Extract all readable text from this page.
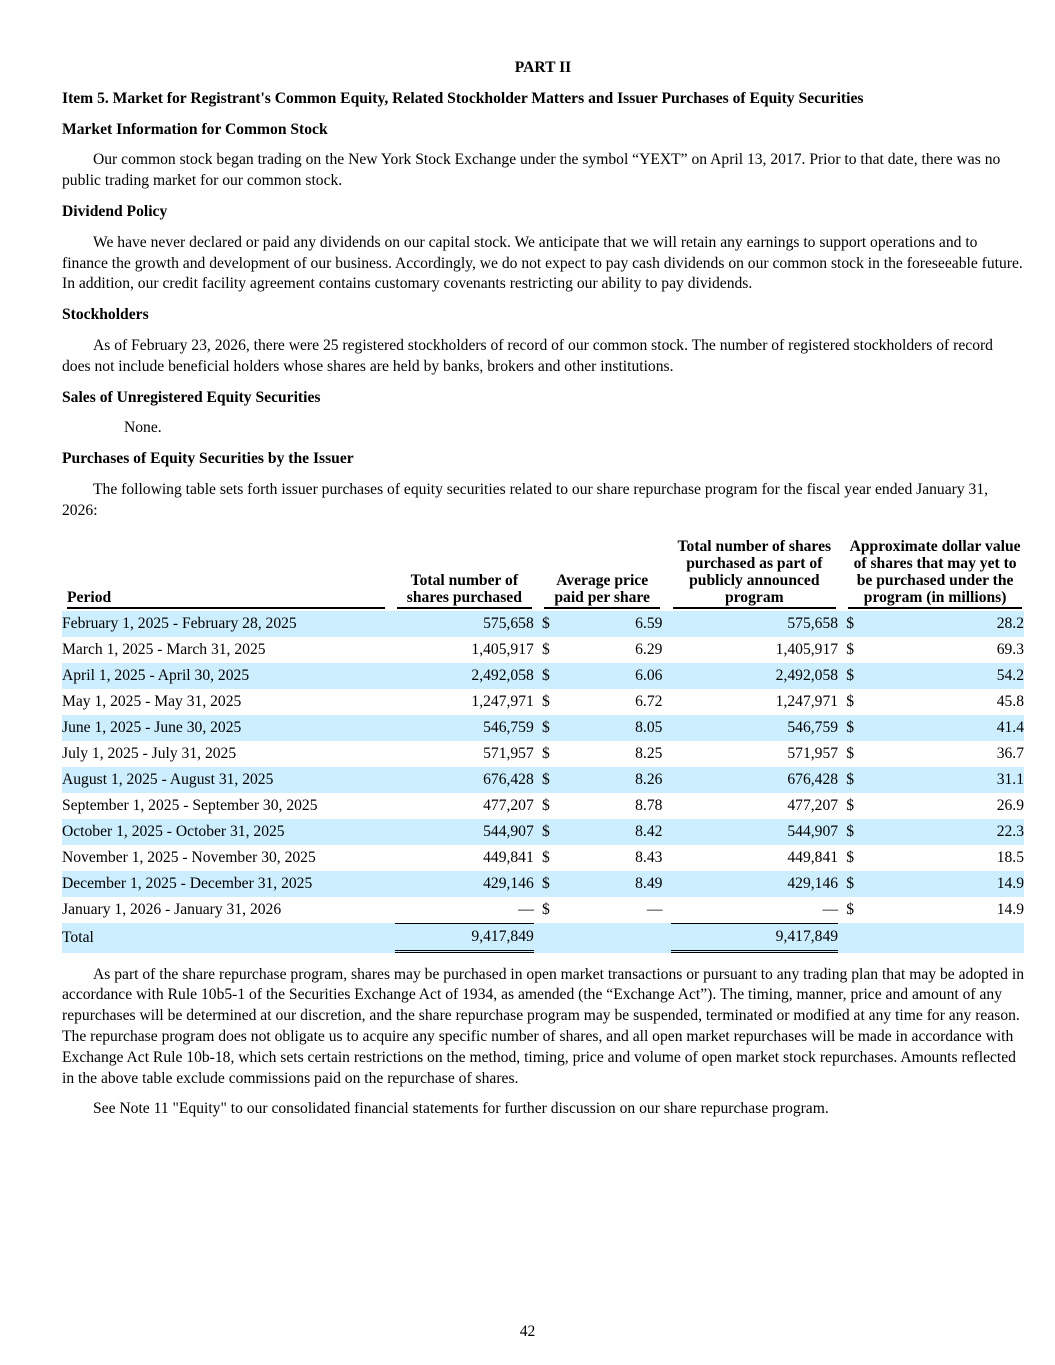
PART II
Item 5. Market for Registrant's Common Equity, Related Stockholder Matters and Issuer Purchases of Equity Securities
Market Information for Common Stock

Our common stock began trading on the New York Stock Exchange under the symbol “YEXT” on April 13, 2017. Prior to that date, there was no public trading market for our common stock.

Dividend Policy

We have never declared or paid any dividends on our capital stock. We anticipate that we will retain any earnings to support operations and to finance the growth and development of our business. Accordingly, we do not expect to pay cash dividends on our common stock in the foreseeable future. In addition, our credit facility agreement contains customary covenants restricting our ability to pay dividends.

Stockholders

As of February 23, 2026, there were 25 registered stockholders of record of our common stock. The number of registered stockholders of record does not include beneficial holders whose shares are held by banks, brokers and other institutions.

Sales of Unregistered Equity Securities

None.

Purchases of Equity Securities by the Issuer

The following table sets forth issuer purchases of equity securities related to our share repurchase program for the fiscal year ended January 31, 2026:

Period		Total number of shares purchased		Average price paid per share			Total number of shares purchased as part of publicly announced program		Approximate dollar value of shares that may yet to be purchased under the program (in millions)	

February 1, 2025 - February 28, 2025		575,658		$	6.59		575,658		$	28.2
March 1, 2025 - March 31, 2025		1,405,917		$	6.29		1,405,917		$	69.3
April 1, 2025 - April 30, 2025		2,492,058		$	6.06		2,492,058		$	54.2
May 1, 2025 - May 31, 2025		1,247,971		$	6.72		1,247,971		$	45.8
June 1, 2025 - June 30, 2025		546,759		$	8.05		546,759		$	41.4
July 1, 2025 - July 31, 2025		571,957		$	8.25		571,957		$	36.7
August 1, 2025 - August 31, 2025		676,428		$	8.26		676,428		$	31.1
September 1, 2025 - September 30, 2025		477,207		$	8.78		477,207		$	26.9
October 1, 2025 - October 31, 2025		544,907		$	8.42		544,907		$	22.3
November 1, 2025 - November 30, 2025		449,841		$	8.43		449,841		$	18.5
December 1, 2025 - December 31, 2025		429,146		$	8.49		429,146		$	14.9
January 1, 2026 - January 31, 2026		—		$	—		—		$	14.9
Total		9,417,849					9,417,849			

As part of the share repurchase program, shares may be purchased in open market transactions or pursuant to any trading plan that may be adopted in accordance with Rule 10b5-1 of the Securities Exchange Act of 1934, as amended (the “Exchange Act”). The timing, manner, price and amount of any repurchases will be determined at our discretion, and the share repurchase program may be suspended, terminated or modified at any time for any reason. The repurchase program does not obligate us to acquire any specific number of shares, and all open market repurchases will be made in accordance with Exchange Act Rule 10b-18, which sets certain restrictions on the method, timing, price and volume of open market stock repurchases. Amounts reflected in the above table exclude commissions paid on the repurchase of shares.

See Note 11 "Equity" to our consolidated financial statements for further discussion on our share repurchase program.

42
